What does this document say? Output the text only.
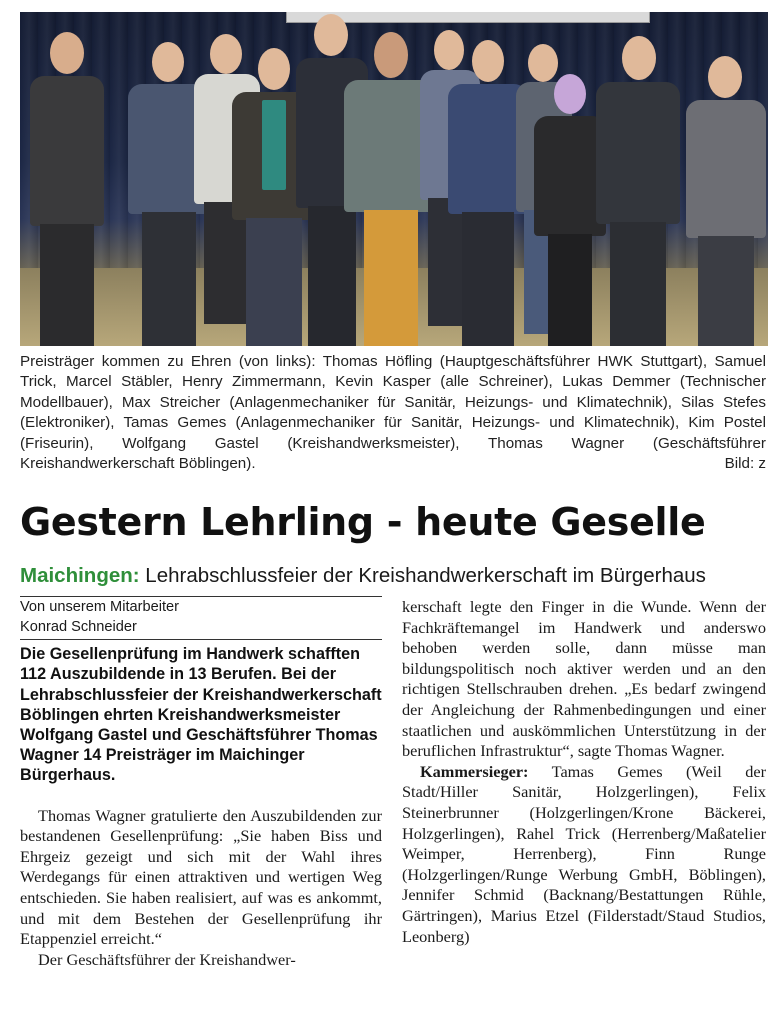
Preisträger kommen zu Ehren (von links): Thomas Höfling (Hauptgeschäftsführer HWK Stuttgart), Samuel Trick, Marcel Stäbler, Henry Zimmermann, Kevin Kasper (alle Schreiner), Lukas Demmer (Technischer Modellbauer), Max Streicher (Anlagenmechaniker für Sanitär, Heizungs- und Klimatechnik), Silas Stefes (Elektroniker), Tamas Gemes (Anlagenmechaniker für Sanitär, Heizungs- und Klimatechnik), Kim Postel (Friseurin), Wolfgang Gastel (Kreishandwerksmeister), Thomas Wagner (Geschäftsführer Kreishandwerkerschaft Böblingen).	Bild: z
Gestern Lehrling - heute Geselle
Maichingen: Lehrabschlussfeier der Kreishandwerkerschaft im Bürgerhaus
Von unserem Mitarbeiter
Konrad Schneider
Die Gesellenprüfung im Handwerk schafften 112 Auszubildende in 13 Berufen. Bei der Lehrabschlussfeier der Kreishandwerkerschaft Böblingen ehrten Kreishandwerksmeister Wolfgang Gastel und Geschäftsführer Thomas Wagner 14 Preisträger im Maichinger Bürgerhaus.

Thomas Wagner gratulierte den Auszubildenden zur bestandenen Gesellenprüfung: „Sie haben Biss und Ehrgeiz gezeigt und sich mit der Wahl ihres Werdegangs für einen attraktiven und wertigen Weg entschieden. Sie haben realisiert, auf was es ankommt, und mit dem Bestehen der Gesellenprüfung ihr Etappenziel erreicht.“

Der Geschäftsführer der Kreishandwer-

kerschaft legte den Finger in die Wunde. Wenn der Fachkräftemangel im Handwerk und anderswo behoben werden solle, dann müsse man bildungspolitisch noch aktiver werden und an den richtigen Stellschrauben drehen. „Es bedarf zwingend der Angleichung der Rahmenbedingungen und einer staatlichen und auskömmlichen Unterstützung in der beruflichen Infrastruktur“, sagte Thomas Wagner.

Kammersieger: Tamas Gemes (Weil der Stadt/Hiller Sanitär, Holzgerlingen), Felix Steinerbrunner (Holzgerlingen/Krone Bäckerei, Holzgerlingen), Rahel Trick (Herrenberg/Maßatelier Weimper, Herrenberg), Finn Runge (Holzgerlingen/Runge Werbung GmbH, Böblingen), Jennifer Schmid (Backnang/Bestattungen Rühle, Gärtringen), Marius Etzel (Filderstadt/Staud Studios, Leonberg)
